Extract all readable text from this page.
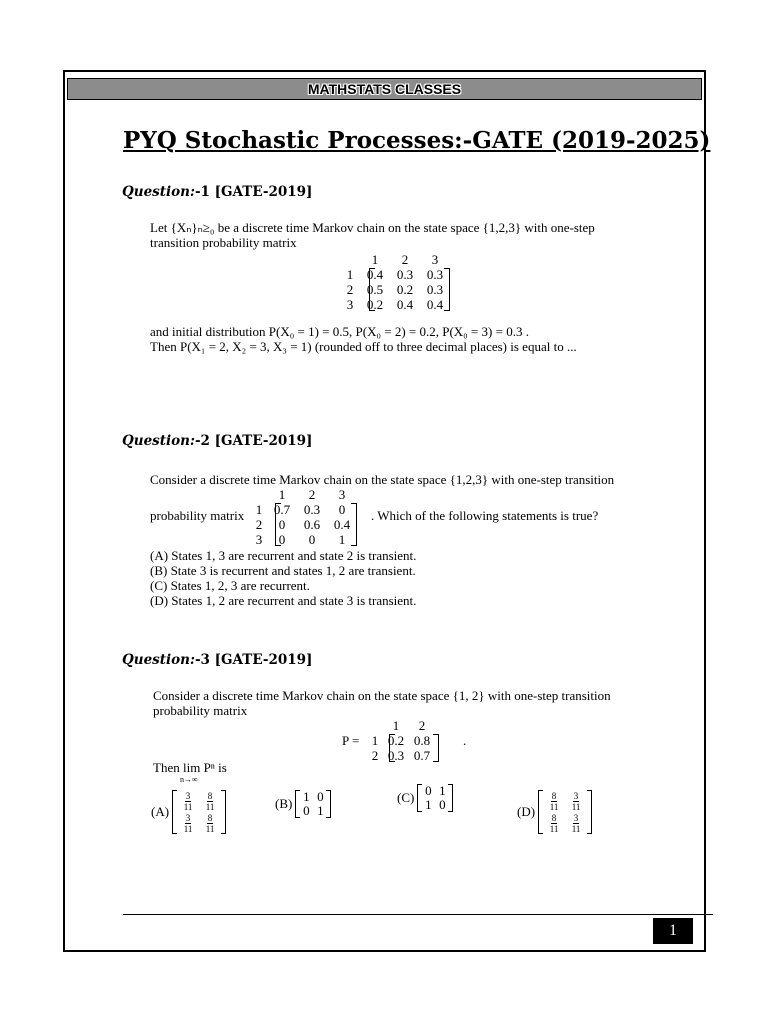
MATHSTATS CLASSES
PYQ Stochastic Processes:-GATE (2019-2025)
Question:-1 [GATE-2019]
Let {Xₙ}ₙ≥₀ be a discrete time Markov chain on the state space {1,2,3} with one-step
transition probability matrix
1 2 3
1 0.4 0.3 0.3
2 0.5 0.2 0.3
3 0.2 0.4 0.4
and initial distribution P(X₀ = 1) = 0.5, P(X₀ = 2) = 0.2, P(X₀ = 3) = 0.3 .
Then P(X₁ = 2, X₂ = 3, X₃ = 1) (rounded off to three decimal places) is equal to ...
Question:-2 [GATE-2019]
Consider a discrete time Markov chain on the state space {1,2,3} with one-step transition
probability matrix
1 2 3
1 0.7 0.3 0
2 0 0.6 0.4
3 0 0 1
. Which of the following statements is true?
(A) States 1, 3 are recurrent and state 2 is transient.
(B) State 3 is recurrent and states 1, 2 are transient.
(C) States 1, 2, 3 are recurrent.
(D) States 1, 2 are recurrent and state 3 is transient.
Question:-3 [GATE-2019]
Consider a discrete time Markov chain on the state space {1, 2} with one-step transition
probability matrix
P =
1 2
1 0.2 0.8
2 0.3 0.7
.
Then lim
n→∞
Pⁿ is
$(A) \frac{3}{11} \frac{8}{11}$
$\frac{3}{11} \frac{8}{11}$
(B) 1 0
0 1
(C) 0 1
1 0	$(D) \frac{8}{11} \frac{3}{11}$
$\frac{8}{11} \frac{3}{11}$
1
